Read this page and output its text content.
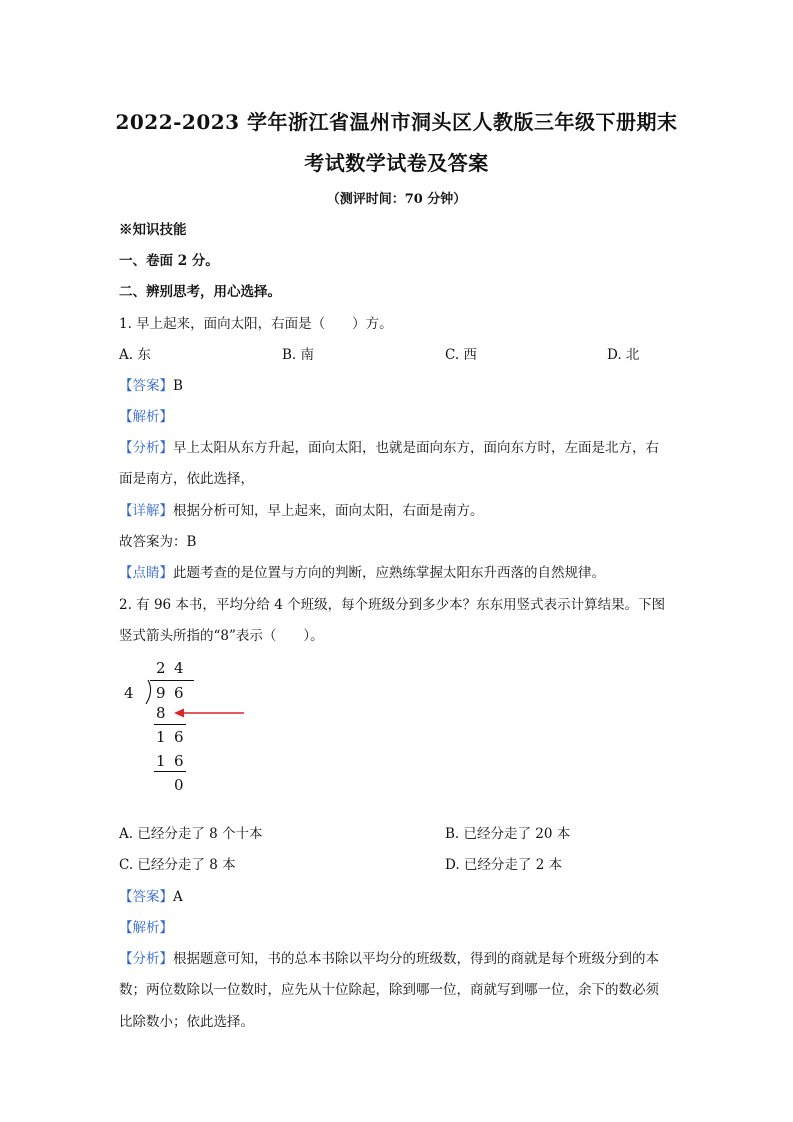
2022-2023 学年浙江省温州市洞头区人教版三年级下册期末
考试数学试卷及答案
（测评时间：70 分钟）
※知识技能
一、卷面 2 分。
二、辨别思考，用心选择。
1. 早上起来，面向太阳，右面是（　　）方。
A. 东	B. 南	C. 西	D. 北
【答案】B
【解析】
【分析】早上太阳从东方升起，面向太阳，也就是面向东方，面向东方时，左面是北方，右
面是南方，依此选择，
【详解】根据分析可知，早上起来，面向太阳，右面是南方。
故答案为：B
【点睛】此题考查的是位置与方向的判断，应熟练掌握太阳东升西落的自然规律。
2. 有 96 本书，平均分给 4 个班级，每个班级分到多少本？东东用竖式表示计算结果。下图
竖式箭头所指的“8”表示（　　）。
2 4
4 9 6
8
1 6
1 6
0
A. 已经分走了 8 个十本	B. 已经分走了 20 本
C. 已经分走了 8 本	D. 已经分走了 2 本
【答案】A
【解析】
【分析】根据题意可知，书的总本书除以平均分的班级数，得到的商就是每个班级分到的本
数；两位数除以一位数时，应先从十位除起，除到哪一位，商就写到哪一位，余下的数必须
比除数小；依此选择。
